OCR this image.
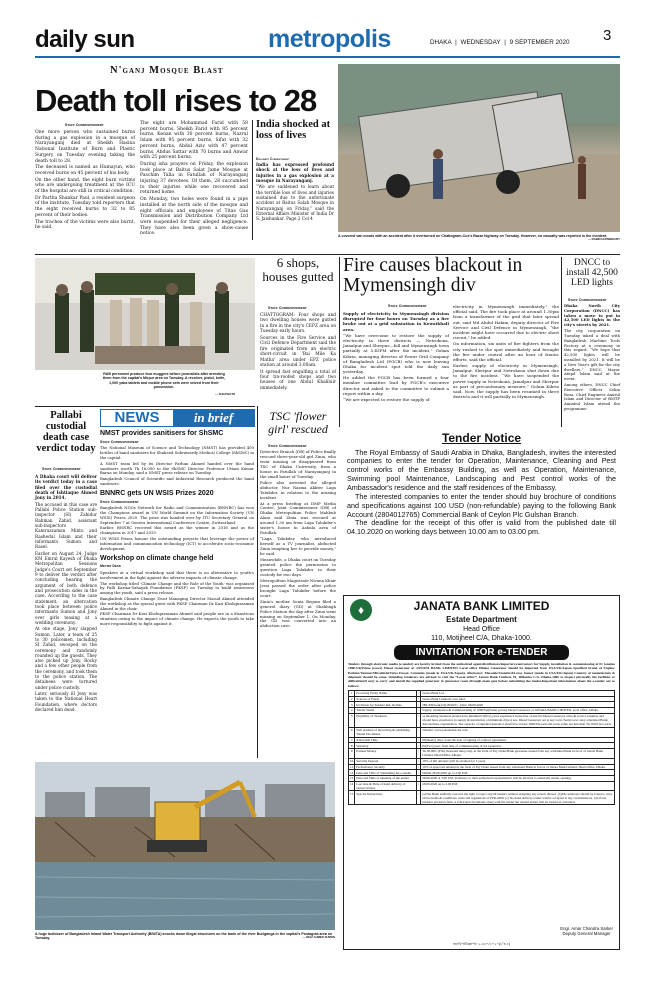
daily sun	metropolis	DHAKA | WEDNESDAY | 9 SEPTEMBER 2020 3
N'ganj Mosque Blast
Death toll rises to 28
Staff Correspondent

One more person who sustained burns during a gas explosion in a mosque of Narayanganj died at Sheikh Hasina National Institute of Burn and Plastic Surgery on Tuesday evening taking the death toll to 28.

The deceased is named as Humayun, who received burns on 45 percent of his body.

On the other hand, the eight burn victims who are undergoing treatment at the ICU of the hospital are still in critical condition.

Dr Partha Shankar Paul, a resident surgeon of the institute, Tuesday told reporters that the eight received burns to 32 to 85 percent of their bodies.

The trachea of the victims were also burnt, he said.

The eight are Mohammad Farid with 58 percent burns, Sheikh Farid with 85 percent burns, Kenan with 30 percent burns, Nazrul Islam with 95 percent burns, Sifat with 32 percent burns, Abdul Aziz with 47 percent burns, Abdus Sattar with 70 burns and Anwar with 25 percent burns.

During isha prayers on Friday, the explosion took place at Baitus Salat Jame Mosque at Paschim Talla in Fatullah of Narayanganj injuring 37 devotees. Of them, 28 succumbed to their injuries while one recovered and returned home.

On Monday, two holes were found in a pipe installed at the north side of the mosque and eight officials and employees of Titas Gas Transmission and Distribution Company Ltd were suspended for their alleged negligence. They have also been given a show-cause notice.

India shocked at loss of lives
Diplomatic Correspondent

India has expressed profound shock at the loss of lives and injuries in a gas explosion at a mosque in Narayanganj.

“We are saddened to learn about the terrible loss of lives and injuries sustained due to the unfortunate accident at Baitus Salah Mosque in Narayanganj on Friday,” said the External Affairs Minister of India Dr S. Jaishankar. Page 2 Col 4

A covered van moots with an accident after it overturned on Chattogram-Cox's Bazar highway on Tuesday. However, no casualty was reported in the incident.
— RABIN CHOWDHURY
RAB personnel produce four muggers before journalists after arresting them from the capital's Mirpur area on Tuesday. A revolver, pistol, knife, 1,000 yaba tablets and mobile phone sets were seized from their possession.
— SUN PHOTO
6 shops, houses gutted
Staff Correspondent

CHATTOGRAM: Four shops and two dwelling houses were gutted in a fire in the city's CEPZ area on Tuesday early hours.

Sources in the Fire Service and Civil Defence Department said the fire originated from an electric short-circuit in 'Bai Mile Ka Matha' area under EPZ police station at around 3.00am.

It spread fast engulfing a total of four tin-roofed shops and two houses of one Abdul Khaliluir immediately.

Fire causes blackout in Mymensingh div
Staff Correspondent

Supply of electricity in Mymensingh division disrupted for four hours on Tuesday as a fire broke out at a grid substation in Kewatkhali area.

“We have overcome to restore the supply of electricity in three districts — Netrokona, Jamalpur and Sherpur—full and Mymensingh town partially at 5.45PM after the incident,” Golam Kibria, managing director of Power Grid Company of Bangladesh Ltd (PGCB) who is now leaving Dhaka for incident spot told the daily sun yesterday.

He added the PGCB has been formed a four member committee lead by PGCB's executive director and asked to the committee to submit a report within a day.

“We are expected to restore the supply of

electricity in Mymensingh immediately,” the official said. The fire took place at around 1.30pm from a transformer of the grid that later spread out, said Md Abdul Hakim, deputy director of Fire Service and Civil Defence in Mymensingh, “the incident might have occurred due to electric short circuit,” he added.

On information, six units of fire fighters from the city rushed to the spot immediately and brought the fire under control after an hour of frantic efforts, said the official.

Earlier, supply of electricity in Mymensingh, Jamalpur, Sherpur and Netrokona shut down due to the fire incident. “We have suspended the power supply in Netrokona, Jamalpur and Sherpur as part of precautionary measure,” Golam Kibria said. Now, the supply has been resumed in three districts and it will partially in Mymensingh.

DNCC to install 42,500 LED lights
Staff Correspondent

Dhaka North City Corporation (DNCC) has taken a move to put in 42,500 LED lights in the city's streets by 2021.

The city corporation on Tuesday inked a deal with Bangladesh Machine Tools Factory at a ceremony in this regard. “We hope that 42,500 lights will be installed by 2021. It will be a New Year's gift for the city dwellers,” DNCC Mayor Atiqul Islam said at the event.

Among others, DNCC Chief Executive Officer Selim Reza, Chief Engineer Amirul Islam and Director of BMTF Aminbul Islam attend the programme.

Pallabi custodial death case verdict today
Staff Correspondent

A Dhaka court will deliver its verdict today in a case filed over the custodial death of Ishtiaque Ahmed Jony in 2014.

The accused in this case are Pallabi Police Station sub-inspector (SI) Zahidur Rahman Zahid, assistant sub-inspectors Kamruzzaman Minto and Rashedul Islam and their informants Sumon and Rasel.

Earlier on August 24, Judge KM Emrul Kayesh of Dhaka Metropolitan Sessions Judge's Court set September 9 to deliver the verdict after concluding hearing the argument of both defence and prosecution sides in the case. According to the case statement, an altercation took place between police informants Sumon and Jony over girls teasing at a wedding ceremony.

At one stage, Jony slapped Sumon. Later, a team of 25 to 30 policemen, including SI Zahid, swooped on the ceremony and randomly rounded up the guests. They also picked up Jony, Rocky and a few other people from the ceremony, and took them to the police station. The detainees were tortured under police custody.

Later, seriously ill Jony was taken to the National Heart Foundation, where doctors declared him dead.

NEWS	in brief
NMST provides sanitisers for ShSMC
Staff Correspondent

The National Museum of Science and Technology (NMST) has provided 400 bottles of hand sanitisers for Shaheed Suhrawardy Medical College (ShSMC) in the capital.

A NMST team led by its Director Farhan Ahmed handed over the hand sanitisers worth Tk 16,000 to the ShSMC Director Professor Uttam Kumar Barua on Monday, said a NMST press release on Tuesday.

Bangladesh Council of Scientific and Industrial Research produced the hand sanitisers.

BNNRC gets UN WSIS Prizes 2020
Staff Correspondent

Bangladesh NGOs Network for Radio and Communication (BNNRC) has won the Champions award in UN World Summit on the Information Society (UN WSIS) Prizes 2020. The prize was handed over by ITU Secretary General on September 7 at Geneva International Conference Centre, Switzerland.

Earlier, BNNRC received this award as the winner in 2016 and as the champions in 2017 and 2019.

UN WSIS Prizes honour the outstanding projects that leverage the power of information and communication technology (ICT) to accelerate socio-economic development.

Workshop on climate change held
Metro Desk

Speakers at a virtual workshop said that there is no alternative to youth's involvement in the fight against the adverse impacts of climate change.

The workshop titled 'Climate Change and the Role of the Youth' was organised by Palli Karma-Sahayak Foundation (PKSF) on Tuesday to build awareness among the youth, said a press release.

Bangladesh Climate Change Trust Managing Director Masud Ahmed attended the workshop as the special guest with PKSF Chairman Dr Kazi Kholiquzzaman Ahmed in the chair.

PKSF Chairman Dr Kazi Kholiquzzaman Ahmed said people are in a disastrous situation owing to the impact of climate change. He expects the youth to take more responsibility to fight against it.

TSC 'flower girl' rescued
Staff Correspondent

Detective Branch (DB) of Police finally rescued three-year-old girl Zinia, who went missing or disappeared from TSC of Dhaka University, from a house in Fatullah of Narayanganj in the small hours of Tuesday.

Police also arrested the alleged abductor, Nur Nazma Akhter Laga Talukder, in relation to the missing incident.

At a press briefing at DMP Media Centre, Joint Commissioner (DB) of Dhaka Metropolitan Police Mahbub Alam said Zinia was rescued at around 1.30 am from Laga Talukder's sister's house in Ashula area of Fatullah.

“Laga Talukder, who introduced herself as a TV journalist, abducted Zinia tempting her to provide money,” he said.

Meanwhile, a Dhaka court on Tuesday granted police the permission to question Laga Talukder in their custody for two days.

Metropolitan Magistrate Nivana Khair Jessi passed the order after police brought Laga Talukder before the court.

Zinia's mother Sonia Begum filed a general diary (GD) at Shahbagh Police Station the day after Zinia went missing on September 1. On Monday, the GD was converted into an abduction case.

A huge bulldozer of Bangladesh Inland Water Transport Authority (BIWTA) knocks down illegal structures on the bank of the river Buriganga in the capital's Postagola area on Tuesday.	— RIAZ AHMED SUMON
Tender Notice

The Royal Embassy of Saudi Arabia in Dhaka, Bangladesh, invites the interested companies to enter the tender for Operation, Maintenance, Cleaning and Pest control works of the Embassy Building, as well as Operation, Maintenance, Swimming pool Maintenance, Landscaping and Pest control works of the Ambassador's residence and the staff residences of the Embassy.

The interested companies to enter the tender should buy brochure of conditions and specifications against 100 USD (non-refundable) paying to the following Bank Account (2804012765) Commercial Bank of Ceylon Plc Gulshan Branch.

The deadline for the receipt of this offer is valid from the published date till 04.10.2020 on working days between 10.00 am to 03.00 pm.

♦	JANATA BANK LIMITED
Estate Department
Head Office
110, Motijheel C/A, Dhaka-1000.
INVITATION FOR e-TENDER
Tenders through electronic media (e-tender) are hereby invited from the authorized agent/distributors/importers/contractors for Supply, installation & commissioning of 01 (one)no 100KVA(Prime power) Diesel Generator at JANATA BANK LIMITED Local office Dhaka .Generator should be imported from USA/UK/Japan Specified brand of Engine: Perkins/Yanmar/Mitsubishi/Volvo Doosn/ Cummins (made in USA/UK/Japan), Alternator: Mecoalte/Stamford/Leroy Somer (made in USA/UK/Japan) Country of manufacture & shipment should be same. Intending tenderers are advised to visit the “Local office”, Janata Bank Limited, 01, Dilkusha C/A, Dhaka-1000 to inspect physically the facilities or difficulties(if any) to carry and install the supplied generator & generator room through main gate before submitting the tender.Important information about the e-tender are as follows:
1	Procuring Entity Name	:	Janata Bank Ltd.
2	Sources of Funds	:	Janata Bank Limited's own fund.
3	Invitation for Tenders Ref. & Date	:	JBL/ED/Gen(LO)/2020/51 , Date: 08.09.2020
4	Tender Name	:	Supply, installation & commissioning of 100KVA(Prime power) Diesel Generator at JANATA BANK LIMITED, local office, Dhaka.
5	Eligibility of Tenderers	:	a) Intending tenderers should have minimum 5(five) years experience in the line of electric Diesel Generator sales & service business and should have experience in supply & installation of minimum 2(two) nos. Diesel Generator set at any Govt./Semi Govt./Any scheduled Bank/ Autonomous organization. The capacity of supplied generator should be at least 100KVA each and work value not less than Tk.16.00 lacs each.
6	Web Address of Receiving & submitting Tender Document.	:	Website: www.janatabank-bd.com
7	Allowable Time	:	90(ninety) days, from the date of signing of contract agreement.
8	Warranty	:	02(Two) year, from date of commissioning of the Generator.
9	Earnest Money	:	Tk.50,000/-(Fifty thousand taka) only, in the form of Pay Order/Bank guarantee issued from any scheduled Bank in favor of Janata Bank Limited, Head Office ,Dhaka.
10	Security Deposit	:	10% of bill amount (will be retained for 2 year).
11	Performance Security	:	10% of approved amount in the form of Pay Order issued from any scheduled Bank in favors of Janata Bank Limited, Head Office, Dhaka.
12	Date and Time of Submitting the e-tender	:	Within 28.09.2020 up to 2.30 P.M.
13	Date and Time of Opening of the tender	:	28.09.2020 at 3.00 P.M. Tenderers or their authorized representative will be allowed to attend the tender opening.
14	Last date & Time of hand delivery of earnest money	:	28.09.2020 up to 2.00 P.M
15	Special Instructions	:	(a)The Bank authority reserves the right to reject any/all tenders without assigning any reason thereof. (b)The tenderers should be found to obey all the terms & conditions, rules and regulations of PPR-2008. (c) No hand delivery tender will be accepted at any circumstances. (d) If any tenderer produces false or fabricated documents along with the tender the related tender will be treated as cancelled.
Engr. Amar Chandra Sarker
Deputy General Manager
জনবিপ/বিজ্ঞাপন ২-৪৮০/২০২০(৮"x ৪)
